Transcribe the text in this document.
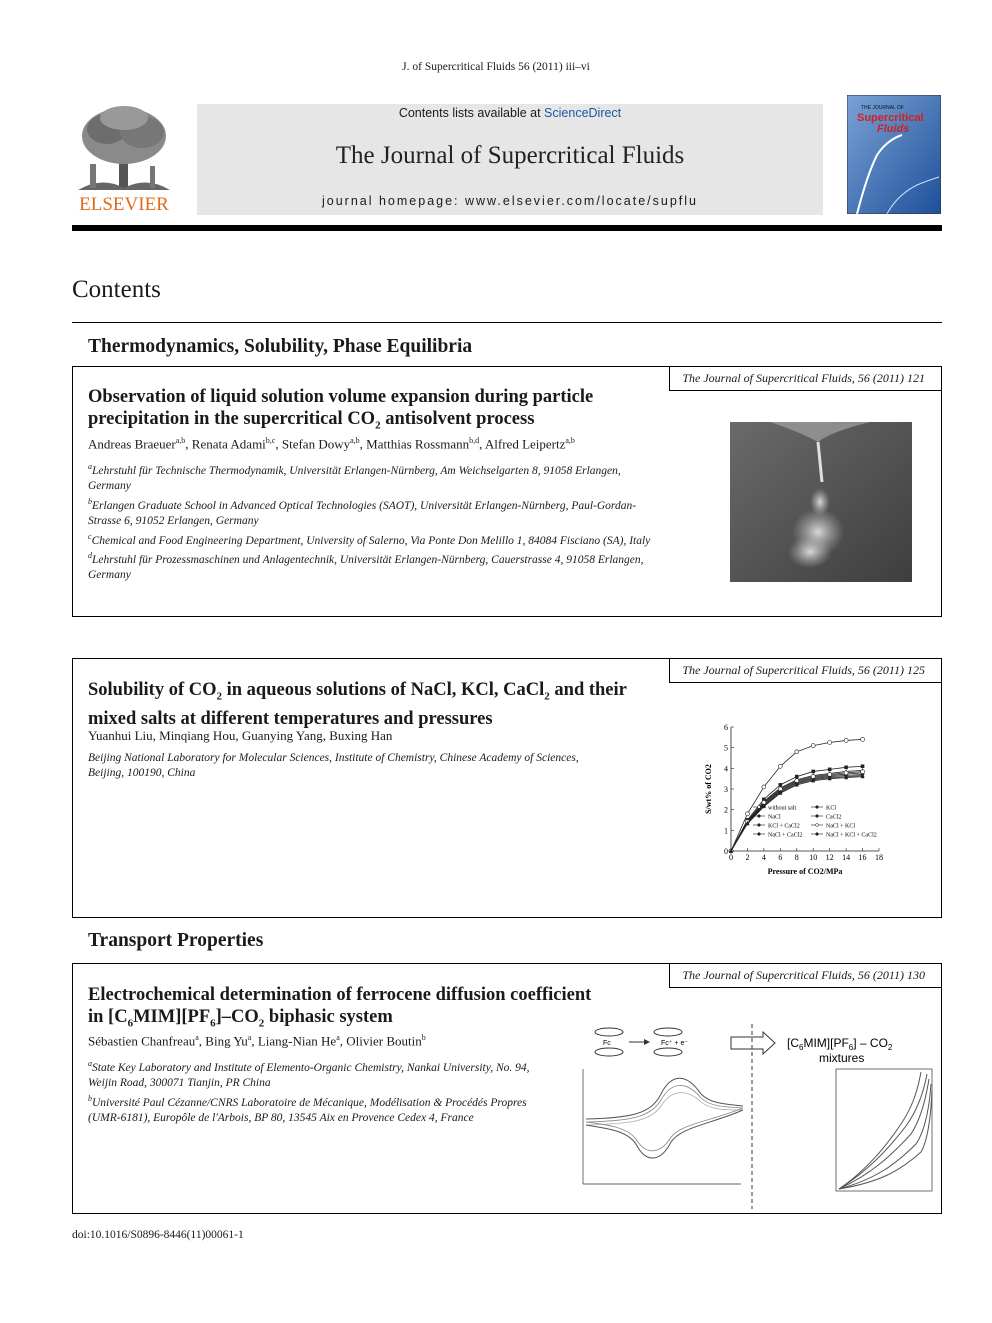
J. of Supercritical Fluids 56 (2011) iii–vi
ELSEVIER
Contents lists available at ScienceDirect
The Journal of Supercritical Fluids
journal homepage: www.elsevier.com/locate/supflu
THE JOURNAL OF
Supercritical
Fluids
Contents
Thermodynamics, Solubility, Phase Equilibria
The Journal of Supercritical Fluids, 56 (2011) 121
Observation of liquid solution volume expansion during particle
precipitation in the supercritical $CO_2$ antisolvent process
Andreas Braeuer$^{a,b}$, Renata Adami$^{b,c}$, Stefan Dowy$^{a,b}$, Matthias Rossmann$^{b,d}$, Alfred Leipertz$^{a,b}$
$^a$Lehrstuhl für Technische Thermodynamik, Universität Erlangen-Nürnberg, Am Weichselgarten 8, 91058 Erlangen, Germany
$^b$Erlangen Graduate School in Advanced Optical Technologies (SAOT), Universität Erlangen-Nürnberg, Paul-Gordan-Strasse 6, 91052 Erlangen, Germany
$^c$Chemical and Food Engineering Department, University of Salerno, Via Ponte Don Melillo 1, 84084 Fisciano (SA), Italy
$^d$Lehrstuhl für Prozessmaschinen und Anlagentechnik, Universität Erlangen-Nürnberg, Cauerstrasse 4, 91058 Erlangen, Germany
The Journal of Supercritical Fluids, 56 (2011) 125
Solubility of $CO_2$ in aqueous solutions of NaCl, KCl, CaCl$_2$ and their
mixed salts at different temperatures and pressures
Yuanhui Liu, Minqiang Hou, Guanying Yang, Buxing Han
Beijing National Laboratory for Molecular Sciences, Institute of Chemistry, Chinese Academy of Sciences,
Beijing, 100190, China
0 2 4 6 8 10 12 14 16 18
0
1
2
3
4
5
6
Pressure of CO2/MPa
S/wt% of CO2	without salt	KCl
NaCl	CaCl2
KCl + CaCl2	NaCl + KCl
NaCl + CaCl2	NaCl + KCl + CaCl2
Transport Properties
The Journal of Supercritical Fluids, 56 (2011) 130
Electrochemical determination of ferrocene diffusion coefficient
in $[C_6MIM][PF_6]-CO_2$ biphasic system
Sébastien Chanfreau$^a$, Bing Yu$^a$, Liang-Nian He$^a$, Olivier Boutin$^b$
$^a$State Key Laboratory and Institute of Elemento-Organic Chemistry, Nankai University, No. 94, Weijin Road, 300071 Tianjin, PR China
$^b$Université Paul Cézanne/CNRS Laboratoire de Mécanique, Modélisation & Procédés Propres (UMR-6181), Europôle de l'Arbois, BP 80, 13545 Aix en Provence Cedex 4, France
Fc	Fc⁺ + e⁻	$[C_6MIM][PF_6] - CO_2$
mixtures
doi:10.1016/S0896-8446(11)00061-1
